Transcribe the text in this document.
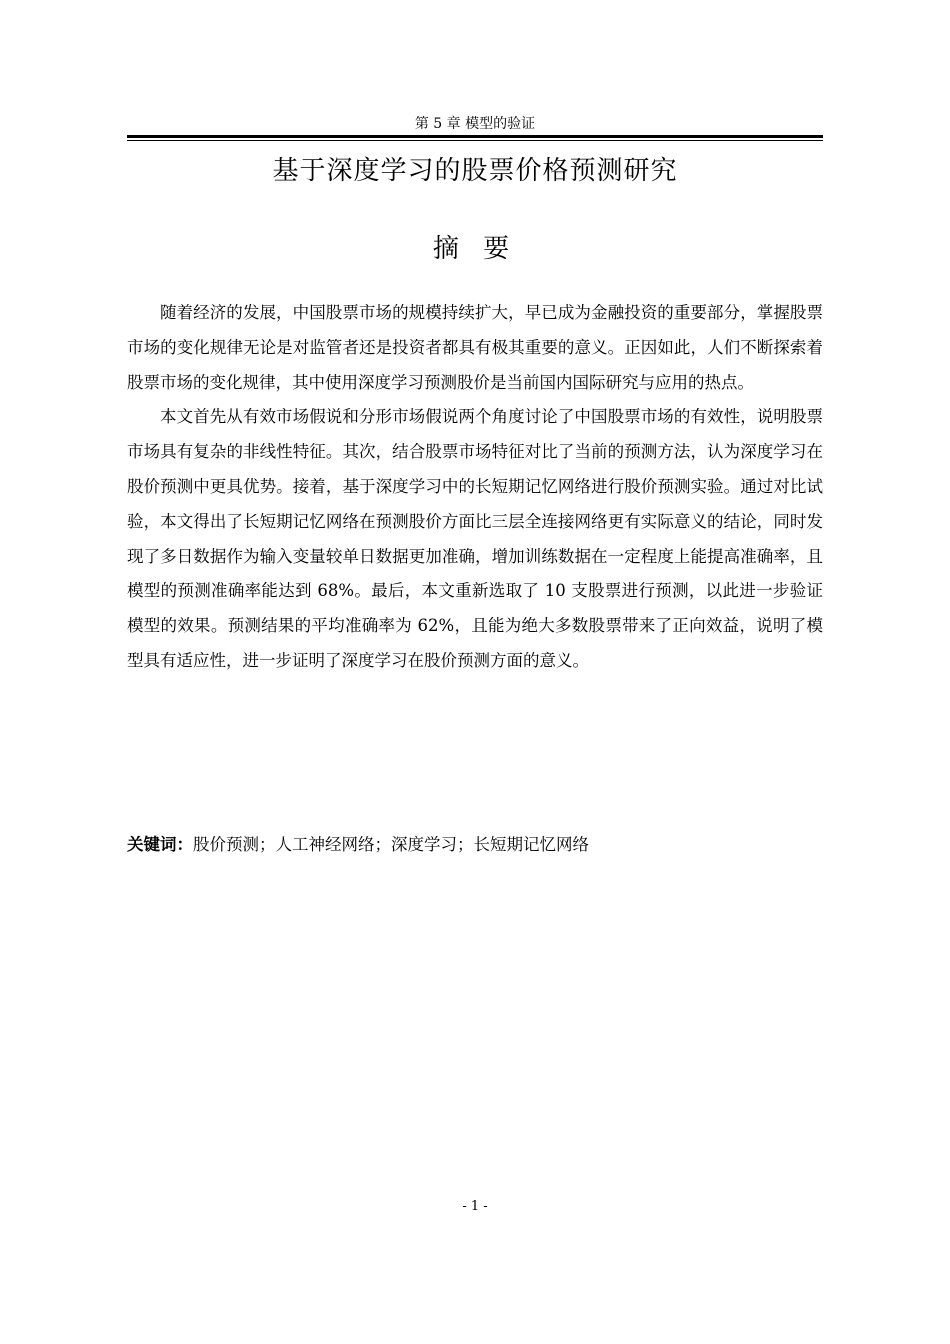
第 5 章 模型的验证
基于深度学习的股票价格预测研究
摘 要

随着经济的发展，中国股票市场的规模持续扩大，早已成为金融投资的重要部分，掌握股票市场的变化规律无论是对监管者还是投资者都具有极其重要的意义。正因如此，人们不断探索着股票市场的变化规律，其中使用深度学习预测股价是当前国内国际研究与应用的热点。

本文首先从有效市场假说和分形市场假说两个角度讨论了中国股票市场的有效性，说明股票市场具有复杂的非线性特征。其次，结合股票市场特征对比了当前的预测方法，认为深度学习在股价预测中更具优势。接着，基于深度学习中的长短期记忆网络进行股价预测实验。通过对比试验，本文得出了长短期记忆网络在预测股价方面比三层全连接网络更有实际意义的结论，同时发现了多日数据作为输入变量较单日数据更加准确，增加训练数据在一定程度上能提高准确率，且模型的预测准确率能达到 68%。最后，本文重新选取了 10 支股票进行预测，以此进一步验证模型的效果。预测结果的平均准确率为 62%，且能为绝大多数股票带来了正向效益，说明了模型具有适应性，进一步证明了深度学习在股价预测方面的意义。

关键词：股价预测；人工神经网络；深度学习；长短期记忆网络
- 1 -
